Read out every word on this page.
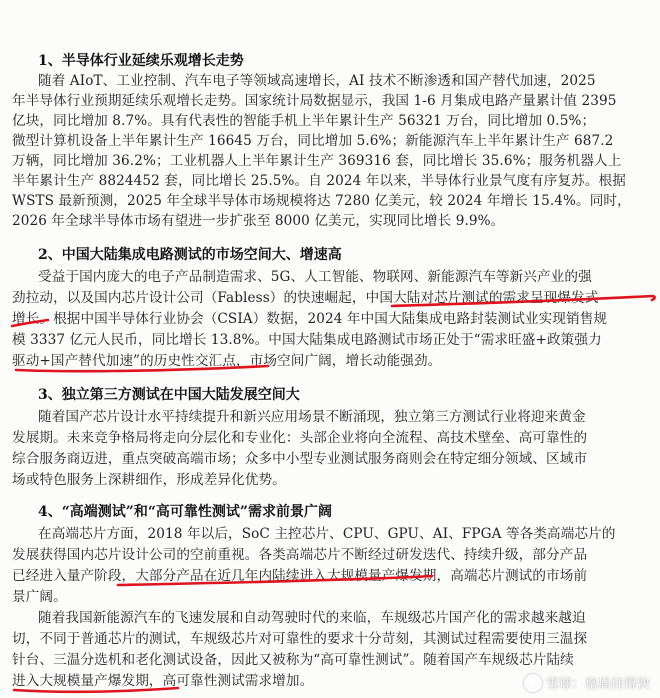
1、半导体行业延续乐观增长走势
随着 AIoT、工业控制、汽车电子等领域高速增长，AI 技术不断渗透和国产替代加速，2025
年半导体行业预期延续乐观增长走势。国家统计局数据显示，我国 1-6 月集成电路产量累计值 2395
亿块，同比增加 8.7%。具有代表性的智能手机上半年累计生产 56321 万台，同比增加 0.5%；
微型计算机设备上半年累计生产 16645 万台，同比增加 5.6%；新能源汽车上半年累计生产 687.2
万辆，同比增加 36.2%；工业机器人上半年累计生产 369316 套，同比增长 35.6%；服务机器人上
半年累计生产 8824452 套，同比增长 25.5%。自 2024 年以来，半导体行业景气度有序复苏。根据
WSTS 最新预测，2025 年全球半导体市场规模将达 7280 亿美元，较 2024 年增长 15.4%。同时，
2026 年全球半导体市场有望进一步扩张至 8000 亿美元，实现同比增长 9.9%。
2、中国大陆集成电路测试的市场空间大、增速高
受益于国内庞大的电子产品制造需求、5G、人工智能、物联网、新能源汽车等新兴产业的强
劲拉动，以及国内芯片设计公司（Fabless）的快速崛起，中国大陆对芯片测试的需求呈现爆发式
增长。根据中国半导体行业协会（CSIA）数据，2024 年中国大陆集成电路封装测试业实现销售规
模 3337 亿元人民币，同比增长 13.8%。中国大陆集成电路测试市场正处于“需求旺盛+政策强力
驱动+国产替代加速”的历史性交汇点，市场空间广阔，增长动能强劲。
3、独立第三方测试在中国大陆发展空间大
随着国产芯片设计水平持续提升和新兴应用场景不断涌现，独立第三方测试行业将迎来黄金
发展期。未来竞争格局将走向分层化和专业化：头部企业将向全流程、高技术壁垒、高可靠性的
综合服务商迈进，重点突破高端市场；众多中小型专业测试服务商则会在特定细分领域、区域市
场或特色服务上深耕细作，形成差异化优势。
4、“高端测试”和“高可靠性测试”需求前景广阔
在高端芯片方面，2018 年以后，SoC 主控芯片、CPU、GPU、AI、FPGA 等各类高端芯片的
发展获得国内芯片设计公司的空前重视。各类高端芯片不断经过研发迭代、持续升级，部分产品
已经进入量产阶段，大部分产品在近几年内陆续进入大规模量产爆发期，高端芯片测试的市场前
景广阔。
随着我国新能源汽车的飞速发展和自动驾驶时代的来临，车规级芯片国产化的需求越来越迫
切，不同于普通芯片的测试，车规级芯片对可靠性的要求十分苛刻，其测试过程需要使用三温探
针台、三温分选机和老化测试设备，因此又被称为“高可靠性测试”。随着国产车规级芯片陆续
进入大规模量产爆发期，高可靠性测试需求增加。	雪球：格局挂得快
